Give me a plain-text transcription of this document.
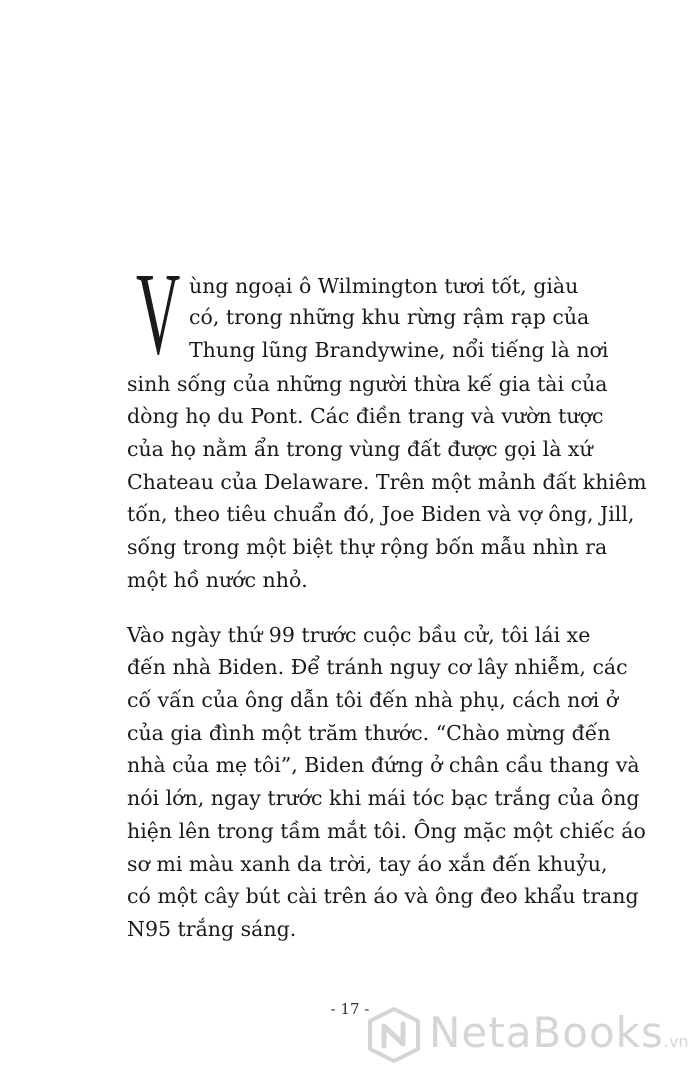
V ùng ngoại ô Wilmington tươi tốt, giàu
có, trong những khu rừng rậm rạp của
Thung lũng Brandywine, nổi tiếng là nơi
sinh sống của những người thừa kế gia tài của
dòng họ du Pont. Các điền trang và vườn tược
của họ nằm ẩn trong vùng đất được gọi là xứ
Chateau của Delaware. Trên một mảnh đất khiêm
tốn, theo tiêu chuẩn đó, Joe Biden và vợ ông, Jill,
sống trong một biệt thự rộng bốn mẫu nhìn ra
một hồ nước nhỏ.
Vào ngày thứ 99 trước cuộc bầu cử, tôi lái xe
đến nhà Biden. Để tránh nguy cơ lây nhiễm, các
cố vấn của ông dẫn tôi đến nhà phụ, cách nơi ở
của gia đình một trăm thước. “Chào mừng đến
nhà của mẹ tôi”, Biden đứng ở chân cầu thang và
nói lớn, ngay trước khi mái tóc bạc trắng của ông
hiện lên trong tầm mắt tôi. Ông mặc một chiếc áo
sơ mi màu xanh da trời, tay áo xắn đến khuỷu,
có một cây bút cài trên áo và ông đeo khẩu trang
N95 trắng sáng.
- 17 -	NetaBooks.vn
